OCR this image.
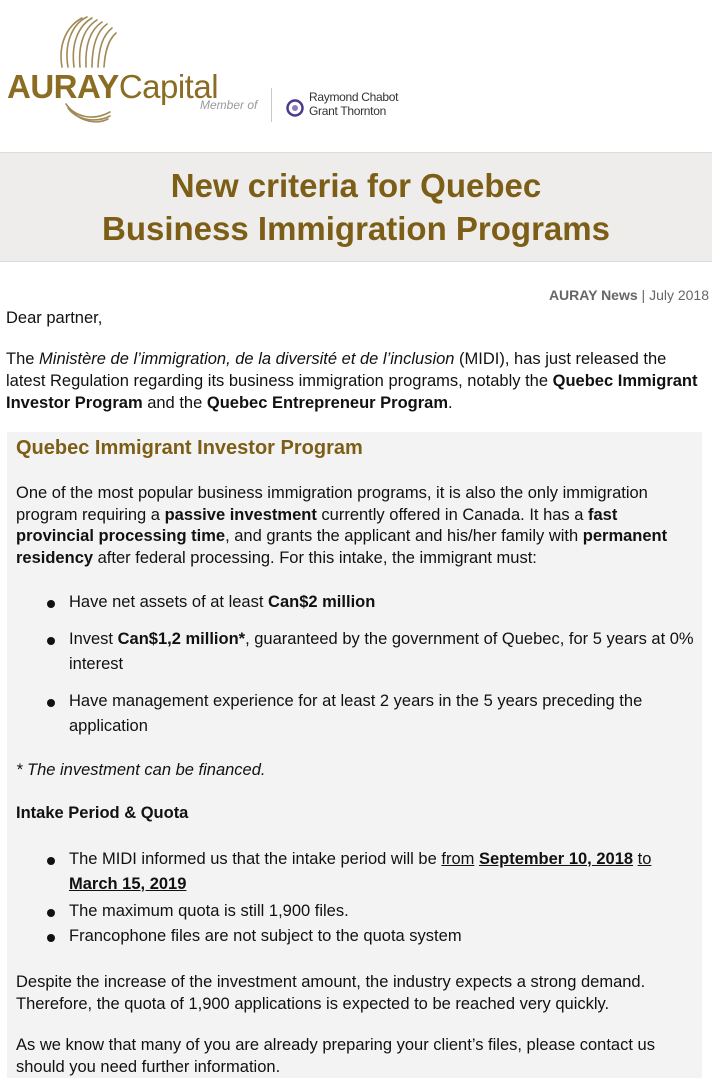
AURAYCapital
Member of
Raymond Chabot
Grant Thornton
New criteria for Quebec
Business Immigration Programs
AURAY News | July 2018
Dear partner,
The Ministère de l’immigration, de la diversité et de l’inclusion (MIDI), has just released the latest Regulation regarding its business immigration programs, notably the Quebec Immigrant Investor Program and the Quebec Entrepreneur Program.
Quebec Immigrant Investor Program
One of the most popular business immigration programs, it is also the only immigration program requiring a passive investment currently offered in Canada. It has a fast provincial processing time, and grants the applicant and his/her family with permanent residency after federal processing. For this intake, the immigrant must:
Have net assets of at least Can$2 million
Invest Can$1,2 million*, guaranteed by the government of Quebec, for 5 years at 0% interest
Have management experience for at least 2 years in the 5 years preceding the application
* The investment can be financed.
Intake Period & Quota
The MIDI informed us that the intake period will be from September 10, 2018 to
March 15, 2019
The maximum quota is still 1,900 files.
Francophone files are not subject to the quota system
Despite the increase of the investment amount, the industry expects a strong demand. Therefore, the quota of 1,900 applications is expected to be reached very quickly.
As we know that many of you are already preparing your client’s files, please contact us should you need further information.
